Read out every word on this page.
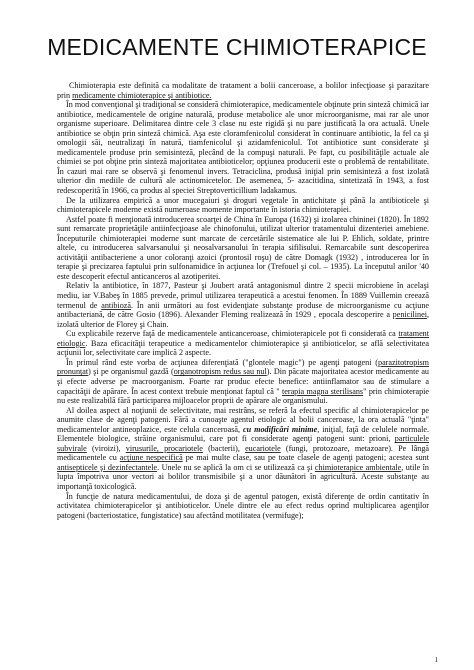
MEDICAMENTE CHIMIOTERAPICE

Chimioterapia este definită ca modalitate de tratament a bolii canceroase, a bolilor infecţioase şi parazitare prin medicamente chimioterapice şi antibiotice.

În mod convenţional şi tradiţional se consideră chimioterapice, medicamentele obţinute prin sinteză chimică iar antibiotice, medicamentele de origine naturală, produse metabolice ale unor microorganisme, mai rar ale unor organisme superioare. Delimitarea dintre cele 3 clase nu este rigidă şi nu pare justificată la ora actuală. Unele antibiotice se obţin prin sinteză chimică. Aşa este cloramfenicolul considerat în continuare antibiotic, la fel ca şi omologii săi, neutralizaţi în natură, tiamfenicolul şi azidamfenicolul. Tot antibiotice sunt considerate şi medicamentele produse prin semisinteză, plecând de la compuşi naturali. Pe fapt, cu posibilităţile actuale ale chimiei se pot obţine prin sinteză majoritatea antibioticelor; opţiunea producerii este o problemă de rentabilitate. În cazuri mai rare se observă şi fenomenul invers. Tetraciclina, produsă iniţial prin semisinteză a fost izolată ulterior din mediile de cultură ale actinomicetelor. De asemenea, 5- azacitidina, sintetizată în 1943, a fost redescoperită în 1966, ca produs al speciei Streptoverticillium ladakamus.

De la utilizarea empirică a unor mucegaiuri şi droguri vegetale în antichitate şi până la antibioticele şi chimioterapicele moderne există numeroase momente importante în istoria chimioterapiei.

Astfel poate fi menţionată introducerea scoarţei de China în Europa (1632) şi izolarea chininei (1820). În 1892 sunt remarcate proprietăţile antiinfecţioase ale chinofonului, utilizat ulterior tratamentului dizenteriei amebiene. Începuturile chimioterapiei moderne sunt marcate de cercetările sistematice ale lui P. Ehlich, soldate, printre altele, cu introducerea salvarsanului şi neosalvarsanului în terapia sifilisului. Remarcabile sunt descoperirea activităţii antibacteriene a unor coloranţi azoici (prontosil roşu) de către Domagk (1932) , introducerea lor în terapie şi precizarea faptului prin sulfonamidice în acţiunea lor (Trefouel şi col. – 1935). La începutul anilor '40 este descoperit efectul anticanceros al azotiperitei.

Relativ la antibiotice, în 1877, Pasteur şi Joubert arată antagonismul dintre 2 specii microbiene în acelaşi mediu, iar V.Babeş în 1885 prevede, primul utilizarea terapeutică a acestui fenomen. În 1889 Vuillemin creează termenul de antibioză. În anii următori au fost evidenţiate substanţe produse de microorganisme cu acţiune antibacteriană, de către Gosio (1896). Alexander Fleming realizează în 1929 , epocala descoperire a penicilinei, izolată ulterior de Florey şi Chain.

Cu explicabile rezerve faţă de medicamentele anticanceroase, chimioterapicele pot fi considerată ca tratament etiologic. Baza eficacităţii terapeutice a medicamentelor chimioterapice şi antibioticelor, se află selectivitatea acţiunii lor, selectivitate care implică 2 aspecte.

În primul rând este vorba de acţiunea diferenţiată ("glontele magic") pe agenţi patogeni (parazitotropism pronunţat) şi pe organismul gazdă (organotropism redus sau nul). Din păcate majoritatea acestor medicamente au şi efecte adverse pe macroorganism. Foarte rar produc efecte benefice: antiinflamator sau de stimulare a capacităţii de apărare. În acest context trebuie menţionat faptul că " terapia magna sterilisans" prin chimioterapie nu este realizabilă fără participarea mijloacelor proprii de apărare ale organismului.

Al doilea aspect al noţiunii de selectivitate, mai restrâns, se referă la efectul specific al chimioterapicelor pe anumite clase de agenţi patogeni. Fără a cunoaşte agentul etiologic al bolii canceroase, la ora actuală "ţinta" medicamentelor antineoplazice, este celula canceroasă, cu modificări minime, iniţial, faţă de celulele normale. Elementele biologice, străine organismului, care pot fi considerate agenţi patogeni sunt: prioni, particulele subvirale (viroizi), virusurile, procariotele (bacterii), eucariotele (fungi, protozoare, metazoare). Pe lângă medicamentele cu acţiune nespecifică pe mai multe clase, sau pe toate clasele de agenţi patogeni; acestea sunt antisepticele şi dezinfectantele. Unele nu se aplică la om ci se utilizează ca şi chimioterapice ambientale, utile în lupta împotriva unor vectori ai bolilor transmisibile şi a unor dăunători în agricultură. Aceste substanţe au importanţă toxicologică.

În funcţie de natura medicamentului, de doza şi de agentul patogen, există diferenţe de ordin cantitativ în activitatea chimioterapicelor şi antibioticelor. Unele dintre ele au efect redus oprind multiplicarea agenţilor patogeni (bacteriostatice, fungistatice) sau afectând motilitatea (vermifuge);

1
